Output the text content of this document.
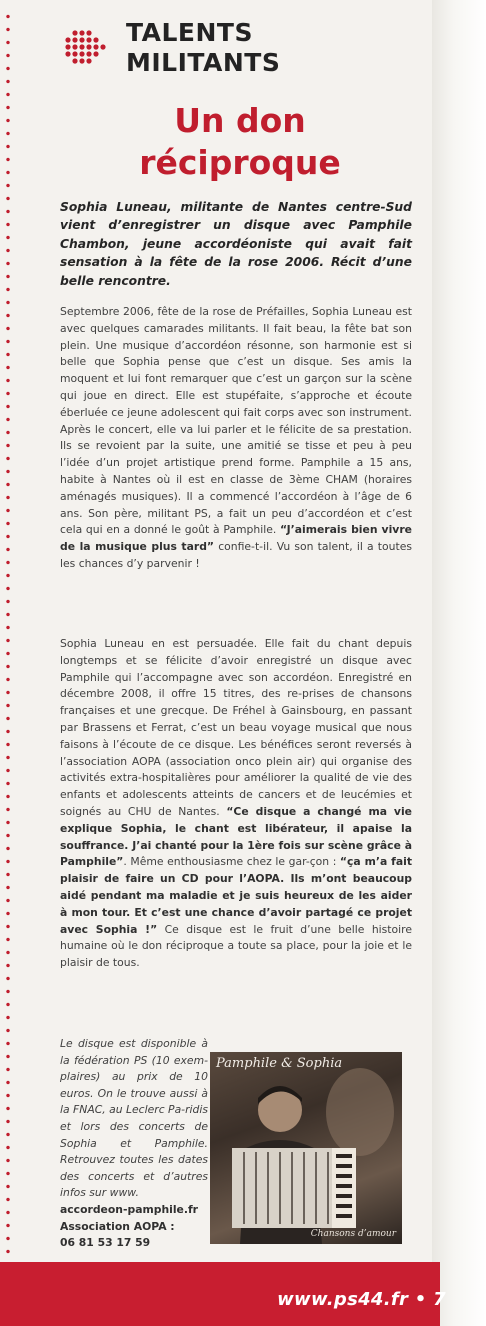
TALENTS
MILITANTS
Un don
réciproque

Sophia Luneau, militante de Nantes centre-Sud vient d’enregistrer un disque avec Pamphile Chambon, jeune accordéoniste qui avait fait sensation à la fête de la rose 2006. Récit d’une belle rencontre.

Septembre 2006, fête de la rose de Préfailles, Sophia Luneau est avec quelques camarades militants. Il fait beau, la fête bat son plein. Une musique d’accordéon résonne, son harmonie est si belle que Sophia pense que c’est un disque. Ses amis la moquent et lui font remarquer que c’est un garçon sur la scène qui joue en direct. Elle est stupéfaite, s’approche et écoute éberluée ce jeune adolescent qui fait corps avec son instrument. Après le concert, elle va lui parler et le félicite de sa prestation. Ils se revoient par la suite, une amitié se tisse et peu à peu l’idée d’un projet artistique prend forme. Pamphile a 15 ans, habite à Nantes où il est en classe de 3ème CHAM (horaires aménagés musiques). Il a commencé l’accordéon à l’âge de 6 ans. Son père, militant PS, a fait un peu d’accordéon et c’est cela qui en a donné le goût à Pamphile. “J’aimerais bien vivre de la musique plus tard” confie-t-il. Vu son talent, il a toutes les chances d’y parvenir !

Sophia Luneau en est persuadée. Elle fait du chant depuis longtemps et se félicite d’avoir enregistré un disque avec Pamphile qui l’accompagne avec son accordéon. Enregistré en décembre 2008, il offre 15 titres, des re-prises de chansons françaises et une grecque. De Fréhel à Gainsbourg, en passant par Brassens et Ferrat, c’est un beau voyage musical que nous faisons à l’écoute de ce disque. Les bénéfices seront reversés à l’association AOPA (association onco plein air) qui organise des activités extra-hospitalières pour améliorer la qualité de vie des enfants et adolescents atteints de cancers et de leucémies et soignés au CHU de Nantes. “Ce disque a changé ma vie explique Sophia, le chant est libérateur, il apaise la souffrance. J’ai chanté pour la 1ère fois sur scène grâce à Pamphile”. Même enthousiasme chez le gar-çon : “ça m’a fait plaisir de faire un CD pour l’AOPA. Ils m’ont beaucoup aidé pendant ma maladie et je suis heureux de les aider à mon tour. Et c’est une chance d’avoir partagé ce projet avec Sophia !” Ce disque est le fruit d’une belle histoire humaine où le don réciproque a toute sa place, pour la joie et le plaisir de tous.

Le disque est disponible à la fédération PS (10 exem-plaires) au prix de 10 euros. On le trouve aussi à la FNAC, au Leclerc Pa-ridis et lors des concerts de Sophia et Pamphile. Retrouvez toutes les dates des concerts et d’autres infos sur www.
accordeon-pamphile.fr
Association AOPA :
06 81 53 17 59

Pamphile & Sophia
Chansons d’amour
www.ps44.fr • 7
